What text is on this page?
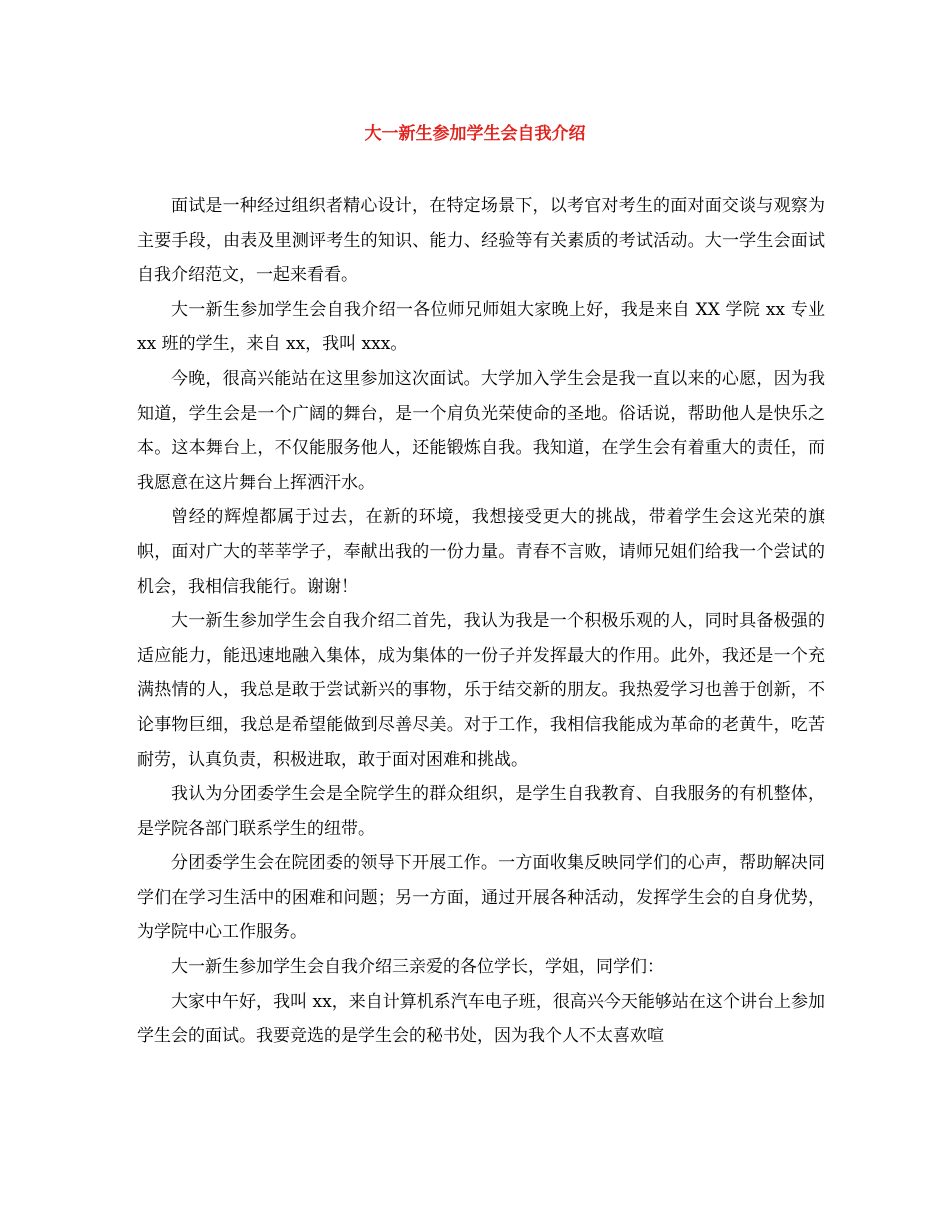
大一新生参加学生会自我介绍

面试是一种经过组织者精心设计，在特定场景下，以考官对考生的面对面交谈与观察为主要手段，由表及里测评考生的知识、能力、经验等有关素质的考试活动。大一学生会面试自我介绍范文，一起来看看。

大一新生参加学生会自我介绍一各位师兄师姐大家晚上好，我是来自 XX 学院 xx 专业 xx 班的学生，来自 xx，我叫 xxx。

今晚，很高兴能站在这里参加这次面试。大学加入学生会是我一直以来的心愿，因为我知道，学生会是一个广阔的舞台，是一个肩负光荣使命的圣地。俗话说，帮助他人是快乐之本。这本舞台上，不仅能服务他人，还能锻炼自我。我知道，在学生会有着重大的责任，而我愿意在这片舞台上挥洒汗水。

曾经的辉煌都属于过去，在新的环境，我想接受更大的挑战，带着学生会这光荣的旗帜，面对广大的莘莘学子，奉献出我的一份力量。青春不言败，请师兄姐们给我一个尝试的机会，我相信我能行。谢谢！

大一新生参加学生会自我介绍二首先，我认为我是一个积极乐观的人，同时具备极强的适应能力，能迅速地融入集体，成为集体的一份子并发挥最大的作用。此外，我还是一个充满热情的人，我总是敢于尝试新兴的事物，乐于结交新的朋友。我热爱学习也善于创新，不论事物巨细，我总是希望能做到尽善尽美。对于工作，我相信我能成为革命的老黄牛，吃苦耐劳，认真负责，积极进取，敢于面对困难和挑战。

我认为分团委学生会是全院学生的群众组织，是学生自我教育、自我服务的有机整体，是学院各部门联系学生的纽带。

分团委学生会在院团委的领导下开展工作。一方面收集反映同学们的心声，帮助解决同学们在学习生活中的困难和问题；另一方面，通过开展各种活动，发挥学生会的自身优势，为学院中心工作服务。

大一新生参加学生会自我介绍三亲爱的各位学长，学姐，同学们：

大家中午好，我叫 xx，来自计算机系汽车电子班，很高兴今天能够站在这个讲台上参加学生会的面试。我要竞选的是学生会的秘书处，因为我个人不太喜欢喧
